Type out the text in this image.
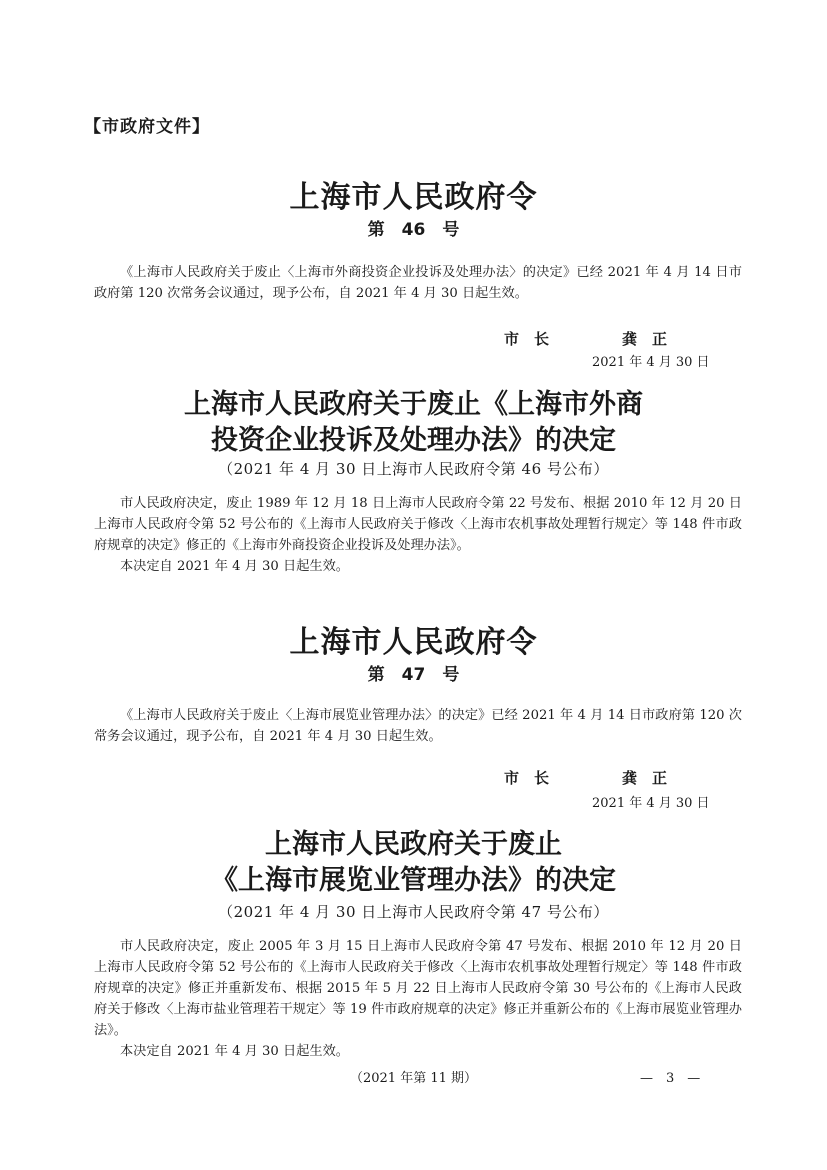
【市政府文件】
上海市人民政府令
第　46　号
《上海市人民政府关于废止〈上海市外商投资企业投诉及处理办法〉的决定》已经 2021 年 4 月 14 日市政府第 120 次常务会议通过，现予公布，自 2021 年 4 月 30 日起生效。
市　长	龚　正
2021 年 4 月 30 日
上海市人民政府关于废止《上海市外商
投资企业投诉及处理办法》的决定
（2021 年 4 月 30 日上海市人民政府令第 46 号公布）
市人民政府决定，废止 1989 年 12 月 18 日上海市人民政府令第 22 号发布、根据 2010 年 12 月 20 日上海市人民政府令第 52 号公布的《上海市人民政府关于修改〈上海市农机事故处理暂行规定〉等 148 件市政府规章的决定》修正的《上海市外商投资企业投诉及处理办法》。
本决定自 2021 年 4 月 30 日起生效。
上海市人民政府令
第　47　号
《上海市人民政府关于废止〈上海市展览业管理办法〉的决定》已经 2021 年 4 月 14 日市政府第 120 次常务会议通过，现予公布，自 2021 年 4 月 30 日起生效。
市　长	龚　正
2021 年 4 月 30 日
上海市人民政府关于废止
《上海市展览业管理办法》的决定
（2021 年 4 月 30 日上海市人民政府令第 47 号公布）
市人民政府决定，废止 2005 年 3 月 15 日上海市人民政府令第 47 号发布、根据 2010 年 12 月 20 日上海市人民政府令第 52 号公布的《上海市人民政府关于修改〈上海市农机事故处理暂行规定〉等 148 件市政府规章的决定》修正并重新发布、根据 2015 年 5 月 22 日上海市人民政府令第 30 号公布的《上海市人民政府关于修改〈上海市盐业管理若干规定〉等 19 件市政府规章的决定》修正并重新公布的《上海市展览业管理办法》。
本决定自 2021 年 4 月 30 日起生效。
（2021 年第 11 期）	—　3　—
